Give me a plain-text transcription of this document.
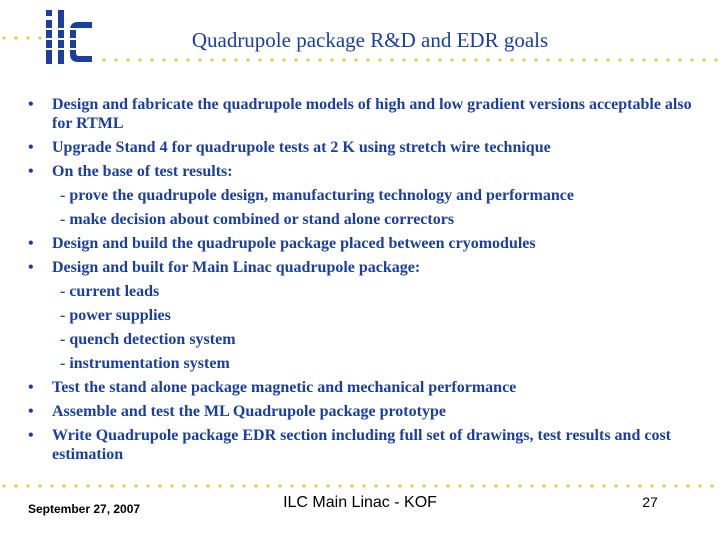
Quadrupole package R&D and EDR goals
•	Design and fabricate the quadrupole models of high and low gradient versions acceptable also for RTML
•	Upgrade Stand 4 for quadrupole tests at 2 K using stretch wire technique
•	On the base of test results:
- prove the quadrupole design, manufacturing technology and performance
- make decision about combined or stand alone correctors
•	Design and build the quadrupole package placed between cryomodules
•	Design and built for Main Linac quadrupole package:
- current leads
- power supplies
- quench detection system
- instrumentation system
•	Test the stand alone package magnetic and mechanical performance
•	Assemble and test the ML Quadrupole package prototype
•	Write Quadrupole package EDR section including full set of drawings, test results and cost estimation
September 27, 2007	ILC Main Linac - KOF	27
